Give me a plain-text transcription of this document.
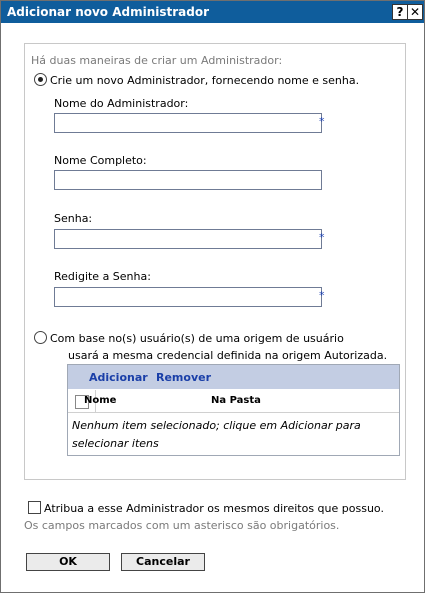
Adicionar novo Administrador	? ✕
Há duas maneiras de criar um Administrador:
Crie um novo Administrador, fornecendo nome e senha.
Nome do Administrador:
*
Nome Completo:
Senha:
*
Redigite a Senha:
*
Com base no(s) usuário(s) de uma origem de usuário
usará a mesma credencial definida na origem Autorizada.
Adicionar Remover
Nome	Na Pasta
Nenhum item selecionado; clique em Adicionar para selecionar itens
Atribua a esse Administrador os mesmos direitos que possuo.
Os campos marcados com um asterisco são obrigatórios.
OK	Cancelar
